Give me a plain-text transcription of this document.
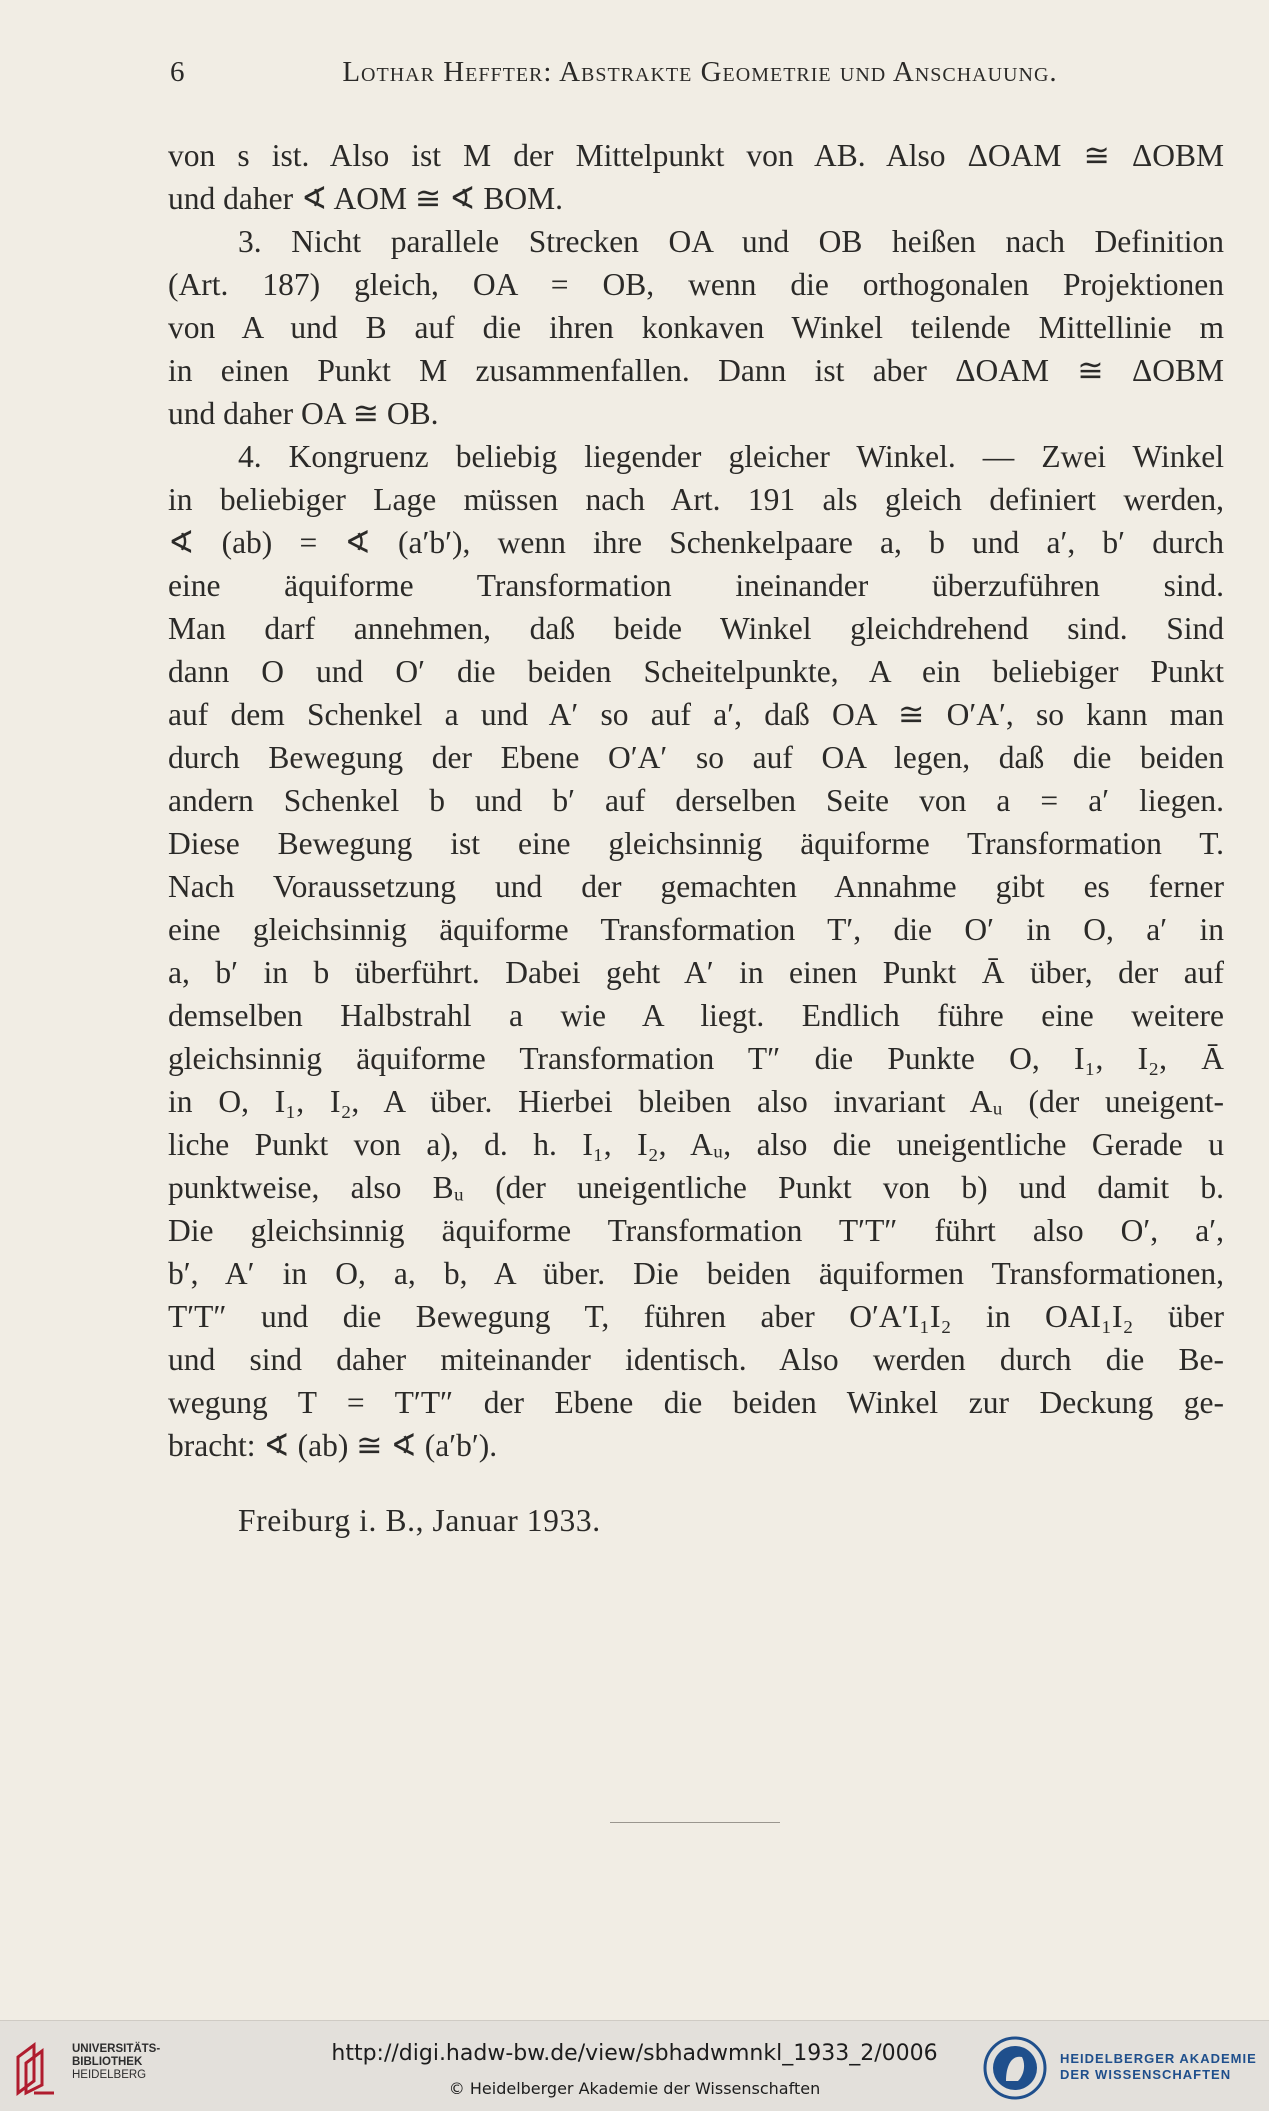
6	Lothar Heffter: Abstrakte Geometrie und Anschauung.
von s ist. Also ist M der Mittelpunkt von AB. Also ΔOAM ≅ ΔOBM
und daher ∢ AOM ≅ ∢ BOM.
3. Nicht parallele Strecken OA und OB heißen nach Definition
(Art. 187) gleich, OA = OB, wenn die orthogonalen Projektionen
von A und B auf die ihren konkaven Winkel teilende Mittellinie m
in einen Punkt M zusammenfallen. Dann ist aber ΔOAM ≅ ΔOBM
und daher OA ≅ OB.
4. Kongruenz beliebig liegender gleicher Winkel. — Zwei Winkel
in beliebiger Lage müssen nach Art. 191 als gleich definiert werden,
∢ (ab) = ∢ (a′b′), wenn ihre Schenkelpaare a, b und a′, b′ durch
eine äquiforme Transformation ineinander überzuführen sind.
Man darf annehmen, daß beide Winkel gleichdrehend sind. Sind
dann O und O′ die beiden Scheitelpunkte, A ein beliebiger Punkt
auf dem Schenkel a und A′ so auf a′, daß OA ≅ O′A′, so kann man
durch Bewegung der Ebene O′A′ so auf OA legen, daß die beiden
andern Schenkel b und b′ auf derselben Seite von a = a′ liegen.
Diese Bewegung ist eine gleichsinnig äquiforme Transformation T.
Nach Voraussetzung und der gemachten Annahme gibt es ferner
eine gleichsinnig äquiforme Transformation T′, die O′ in O, a′ in
a, b′ in b überführt. Dabei geht A′ in einen Punkt Ā über, der auf
demselben Halbstrahl a wie A liegt. Endlich führe eine weitere
gleichsinnig äquiforme Transformation T″ die Punkte O, I₁, I₂, Ā
in O, I₁, I₂, A über. Hierbei bleiben also invariant Aᵤ (der uneigent-
liche Punkt von a), d. h. I₁, I₂, Aᵤ, also die uneigentliche Gerade u
punktweise, also Bᵤ (der uneigentliche Punkt von b) und damit b.
Die gleichsinnig äquiforme Transformation T′T″ führt also O′, a′,
b′, A′ in O, a, b, A über. Die beiden äquiformen Transformationen,
T′T″ und die Bewegung T, führen aber O′A′I₁I₂ in OAI₁I₂ über
und sind daher miteinander identisch. Also werden durch die Be-
wegung T = T′T″ der Ebene die beiden Winkel zur Deckung ge-
bracht: ∢ (ab) ≅ ∢ (a′b′).
Freiburg i. B., Januar 1933.
UNIVERSITÄTS-
BIBLIOTHEK
HEIDELBERG
http://digi.hadw-bw.de/view/sbhadwmnkl_1933_2/0006
© Heidelberger Akademie der Wissenschaften
HEIDELBERGER AKADEMIE
DER WISSENSCHAFTEN
